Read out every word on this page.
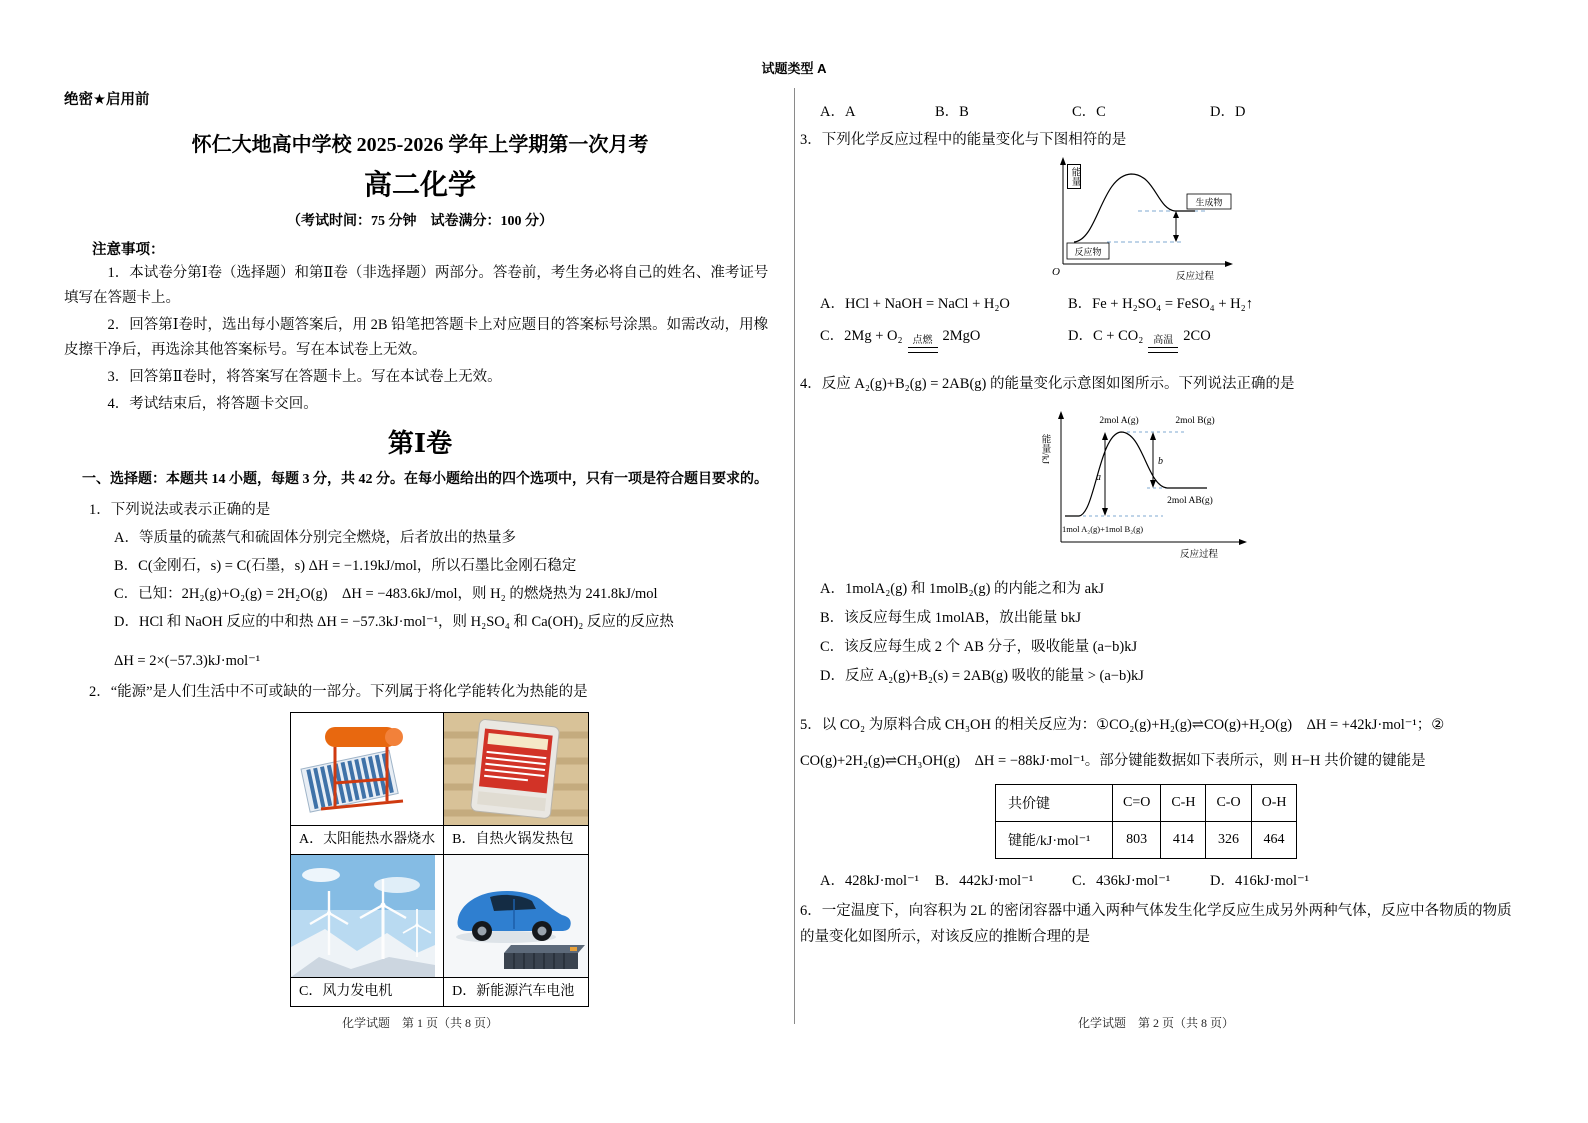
试题类型 A
绝密★启用前
怀仁大地高中学校 2025-2026 学年上学期第一次月考
高二化学
（考试时间：75 分钟　试卷满分：100 分）
注意事项：

1．本试卷分第Ⅰ卷（选择题）和第Ⅱ卷（非选择题）两部分。答卷前，考生务必将自己的姓名、准考证号填写在答题卡上。

2．回答第Ⅰ卷时，选出每小题答案后，用 2B 铅笔把答题卡上对应题目的答案标号涂黑。如需改动，用橡皮擦干净后，再选涂其他答案标号。写在本试卷上无效。

3．回答第Ⅱ卷时，将答案写在答题卡上。写在本试卷上无效。

4．考试结束后，将答题卡交回。

第Ⅰ卷

一、选择题：本题共 14 小题，每题 3 分，共 42 分。在每小题给出的四个选项中，只有一项是符合题目要求的。

1．下列说法或表示正确的是

A．等质量的硫蒸气和硫固体分别完全燃烧，后者放出的热量多

B．C(金刚石，s) = C(石墨，s) ΔH = −1.19kJ/mol，所以石墨比金刚石稳定

C．已知：2H₂(g)+O₂(g) = 2H₂O(g)　ΔH = −483.6kJ/mol，则 H₂ 的燃烧热为 241.8kJ/mol

D．HCl 和 NaOH 反应的中和热 ΔH = −57.3kJ·mol⁻¹，则 H₂SO₄ 和 Ca(OH)₂ 反应的反应热

ΔH = 2×(−57.3)kJ·mol⁻¹

2．“能源”是人们生活中不可或缺的一部分。下列属于将化学能转化为热能的是

A．太阳能热水器烧水	B．自热火锅发热包

C．风力发电机	D．新能源汽车电池
化学试题　第 1 页（共 8 页）
A．A	B．B	C．C	D．D

3．下列化学反应过程中的能量变化与下图相符的是

O
反应物
生成物
反应过程
能量
A．HCl + NaOH = NaCl + H₂O	B．Fe + H₂SO₄ = FeSO₄ + H₂↑
C．2Mg + O₂ 点燃 2MgO	D．C + CO₂ 高温 2CO

4．反应 A₂(g)+B₂(g) = 2AB(g) 的能量变化示意图如图所示。下列说法正确的是

a
b
2mol A(g)	2mol B(g)
2mol AB(g)
1mol A₂(g)+1mol B₂(g)
反应过程
能量/kJ

A．1molA₂(g) 和 1molB₂(g) 的内能之和为 akJ

B．该反应每生成 1molAB，放出能量 bkJ

C．该反应每生成 2 个 AB 分子，吸收能量 (a−b)kJ

D．反应 A₂(g)+B₂(s) = 2AB(g) 吸收的能量 > (a−b)kJ

5．以 CO₂ 为原料合成 CH₃OH 的相关反应为：①CO₂(g)+H₂(g)⇌CO(g)+H₂O(g)　ΔH = +42kJ·mol⁻¹；②

CO(g)+2H₂(g)⇌CH₃OH(g)　ΔH = −88kJ·mol⁻¹。部分键能数据如下表所示，则 H−H 共价键的键能是

共价键	C=O	C-H	C-O	O-H
键能/kJ·mol⁻¹	803	414	326	464
A．428kJ·mol⁻¹	B．442kJ·mol⁻¹	C．436kJ·mol⁻¹	D．416kJ·mol⁻¹

6．一定温度下，向容积为 2L 的密闭容器中通入两种气体发生化学反应生成另外两种气体，反应中各物质的物质的量变化如图所示，对该反应的推断合理的是

化学试题　第 2 页（共 8 页）
